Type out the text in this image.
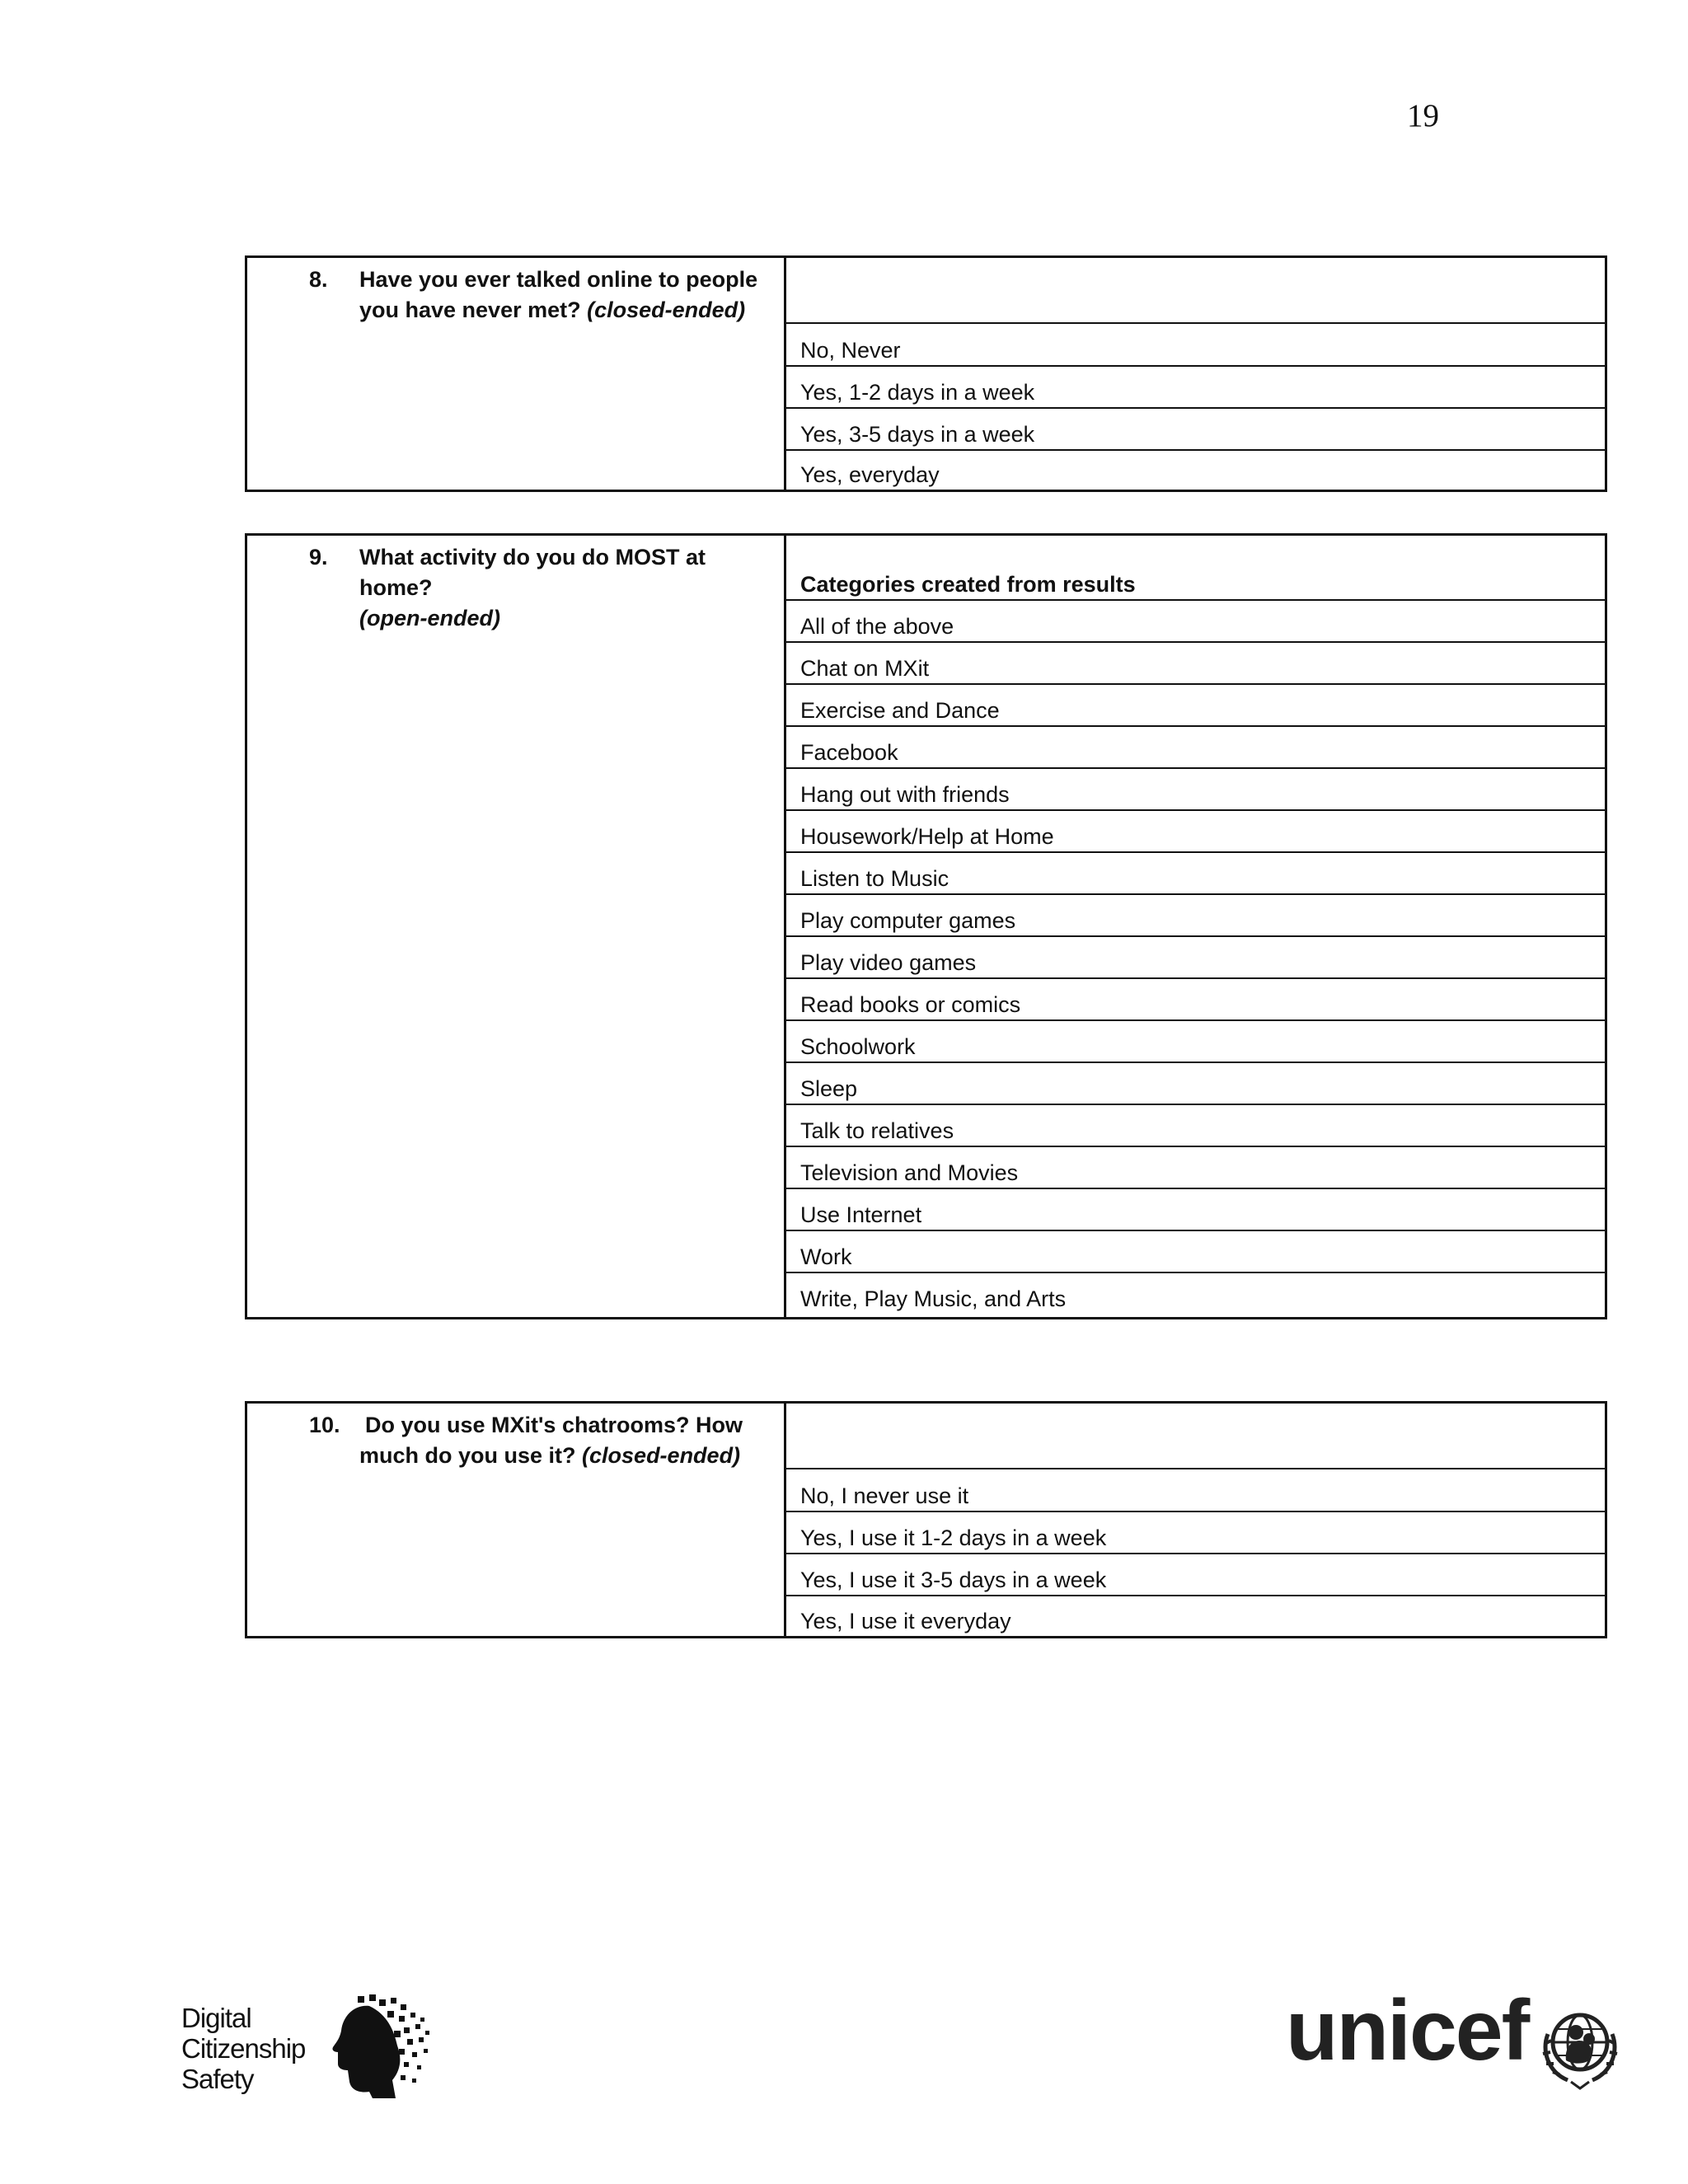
19
8. Have you ever talked online to people you have never met? (closed-ended)
No, Never
Yes, 1-2 days in a week
Yes, 3-5 days in a week
Yes, everyday
9. What activity do you do MOST at home?
(open-ended)
Categories created from results
All of the above
Chat on MXit
Exercise and Dance
Facebook
Hang out with friends
Housework/Help at Home
Listen to Music
Play computer games
Play video games
Read books or comics
Schoolwork
Sleep
Talk to relatives
Television and Movies
Use Internet
Work
Write, Play Music, and Arts
10. Do you use MXit's chatrooms? How much do you use it? (closed-ended)
No, I never use it
Yes, I use it 1-2 days in a week
Yes, I use it 3-5 days in a week
Yes, I use it everyday
Digital
Citizenship
Safety
unicef
